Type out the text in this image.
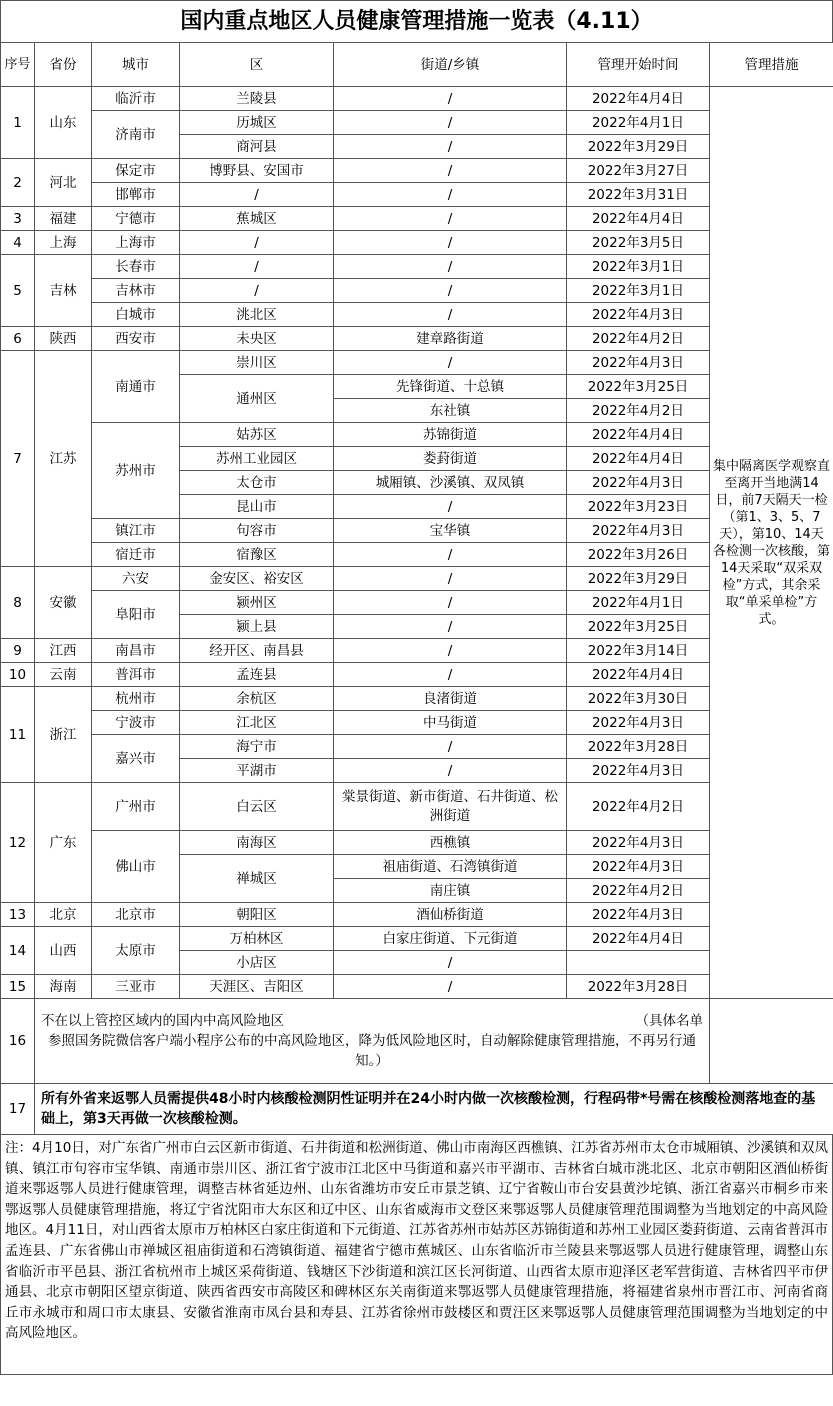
国内重点地区人员健康管理措施一览表（4.11）
序号	省份	城市	区	街道/乡镇	管理开始时间	管理措施
1	山东	临沂市	兰陵县	/	2022年4月4日	集中隔离医学观察直至离开当地满14日，前7天隔天一检（第1、3、5、7天），第10、14天各检测一次核酸，第14天采取“双采双检”方式，其余采取“单采单检”方式。
		济南市	历城区	/	2022年4月1日	
			商河县	/	2022年3月29日	
2	河北	保定市	博野县、安国市	/	2022年3月27日	
		邯郸市	/	/	2022年3月31日	
3	福建	宁德市	蕉城区	/	2022年4月4日	
4	上海	上海市	/	/	2022年3月5日	
5	吉林	长春市	/	/	2022年3月1日	
		吉林市	/	/	2022年3月1日	
		白城市	洮北区	/	2022年4月3日	
6	陕西	西安市	未央区	建章路街道	2022年4月2日	
7	江苏	南通市	崇川区	/	2022年4月3日	
			通州区	先锋街道、十总镇	2022年3月25日	
				东社镇	2022年4月2日	
		苏州市	姑苏区	苏锦街道	2022年4月4日	
			苏州工业园区	娄葑街道	2022年4月4日	
			太仓市	城厢镇、沙溪镇、双凤镇	2022年4月3日	
			昆山市	/	2022年3月23日	
		镇江市	句容市	宝华镇	2022年4月3日	
		宿迁市	宿豫区	/	2022年3月26日	
8	安徽	六安	金安区、裕安区	/	2022年3月29日	
		阜阳市	颍州区	/	2022年4月1日	
			颍上县	/	2022年3月25日	
9	江西	南昌市	经开区、南昌县	/	2022年3月14日	
10	云南	普洱市	孟连县	/	2022年4月4日	
11	浙江	杭州市	余杭区	良渚街道	2022年3月30日	
		宁波市	江北区	中马街道	2022年4月3日	
		嘉兴市	海宁市	/	2022年3月28日	
			平湖市	/	2022年4月3日	
12	广东	广州市	白云区	棠景街道、新市街道、石井街道、松洲街道	2022年4月2日	
		佛山市	南海区	西樵镇	2022年4月3日	
			禅城区	祖庙街道、石湾镇街道	2022年4月3日	
				南庄镇	2022年4月2日	
13	北京	北京市	朝阳区	酒仙桥街道	2022年4月3日	
14	山西	太原市	万柏林区	白家庄街道、下元街道	2022年4月4日	
			小店区	/		
15	海南	三亚市	天涯区、吉阳区	/	2022年3月28日	
16	不在以上管控区域内的国内中高风险地区 （具体名单
参照国务院微信客户端小程序公布的中高风险地区，降为低风险地区时，自动解除健康管理措施，不再另行通知。）					

17	所有外省来返鄂人员需提供48小时内核酸检测阴性证明并在24小时内做一次核酸检测，行程码带*号需在核酸检测落地查的基础上，第3天再做一次核酸检测。					
注：4月10日，对广东省广州市白云区新市街道、石井街道和松洲街道、佛山市南海区西樵镇、江苏省苏州市太仓市城厢镇、沙溪镇和双凤镇、镇江市句容市宝华镇、南通市崇川区、浙江省宁波市江北区中马街道和嘉兴市平湖市、吉林省白城市洮北区、北京市朝阳区酒仙桥街道来鄂返鄂人员进行健康管理，调整吉林省延边州、山东省潍坊市安丘市景芝镇、辽宁省鞍山市台安县黄沙坨镇、浙江省嘉兴市桐乡市来鄂返鄂人员健康管理措施，将辽宁省沈阳市大东区和辽中区、山东省威海市文登区来鄂返鄂人员健康管理范围调整为当地划定的中高风险地区。4月11日，对山西省太原市万柏林区白家庄街道和下元街道、江苏省苏州市姑苏区苏锦街道和苏州工业园区娄葑街道、云南省普洱市孟连县、广东省佛山市禅城区祖庙街道和石湾镇街道、福建省宁德市蕉城区、山东省临沂市兰陵县来鄂返鄂人员进行健康管理，调整山东省临沂市平邑县、浙江省杭州市上城区采荷街道、钱塘区下沙街道和滨江区长河街道、山西省太原市迎泽区老军营街道、吉林省四平市伊通县、北京市朝阳区望京街道、陕西省西安市高陵区和碑林区东关南街道来鄂返鄂人员健康管理措施，将福建省泉州市晋江市、河南省商丘市永城市和周口市太康县、安徽省淮南市凤台县和寿县、江苏省徐州市鼓楼区和贾汪区来鄂返鄂人员健康管理范围调整为当地划定的中高风险地区。
